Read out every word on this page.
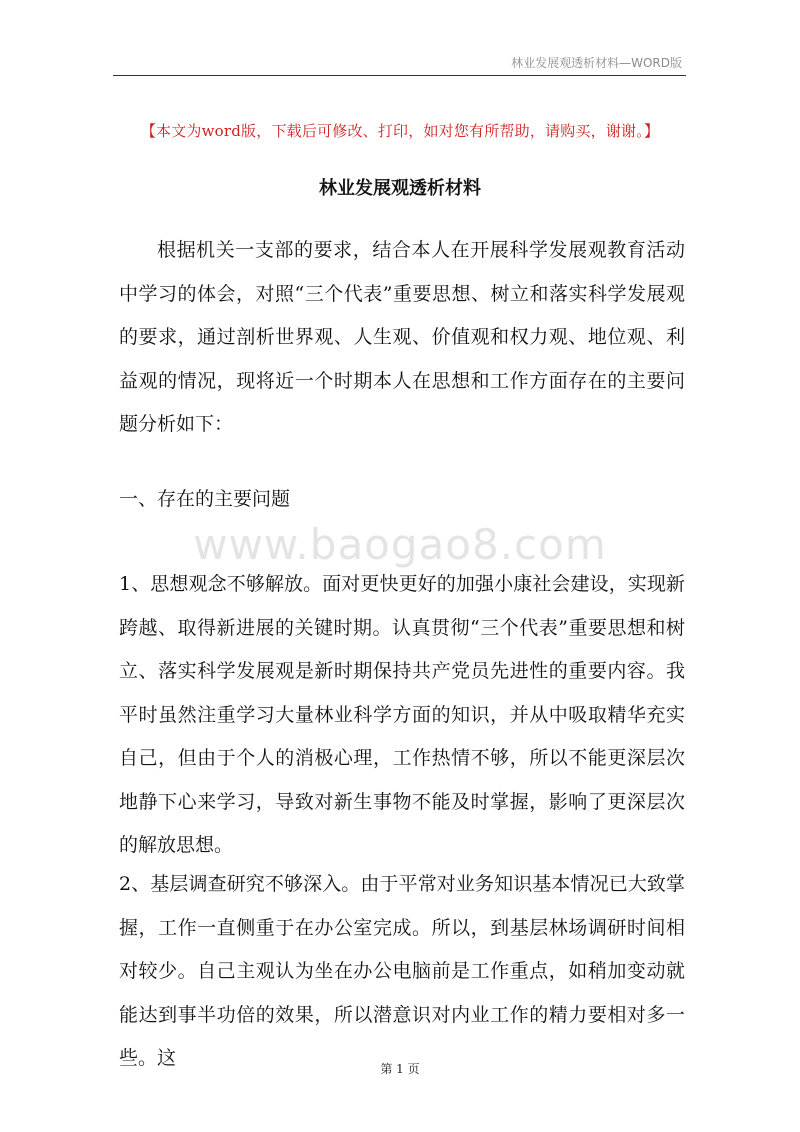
林业发展观透析材料—WORD版
【本文为word版，下载后可修改、打印，如对您有所帮助，请购买，谢谢。】
林业发展观透析材料

根据机关一支部的要求，结合本人在开展科学发展观教育活动中学习的体会，对照“三个代表”重要思想、树立和落实科学发展观的要求，通过剖析世界观、人生观、价值观和权力观、地位观、利益观的情况，现将近一个时期本人在思想和工作方面存在的主要问题分析如下：

一、存在的主要问题
www.baogao8.com

1、思想观念不够解放。面对更快更好的加强小康社会建设，实现新跨越、取得新进展的关键时期。认真贯彻“三个代表”重要思想和树立、落实科学发展观是新时期保持共产党员先进性的重要内容。我平时虽然注重学习大量林业科学方面的知识，并从中吸取精华充实自己，但由于个人的消极心理，工作热情不够，所以不能更深层次地静下心来学习，导致对新生事物不能及时掌握，影响了更深层次的解放思想。

2、基层调查研究不够深入。由于平常对业务知识基本情况已大致掌握，工作一直侧重于在办公室完成。所以，到基层林场调研时间相对较少。自己主观认为坐在办公电脑前是工作重点，如稍加变动就能达到事半功倍的效果，所以潜意识对内业工作的精力要相对多一些。这	第 1 页
